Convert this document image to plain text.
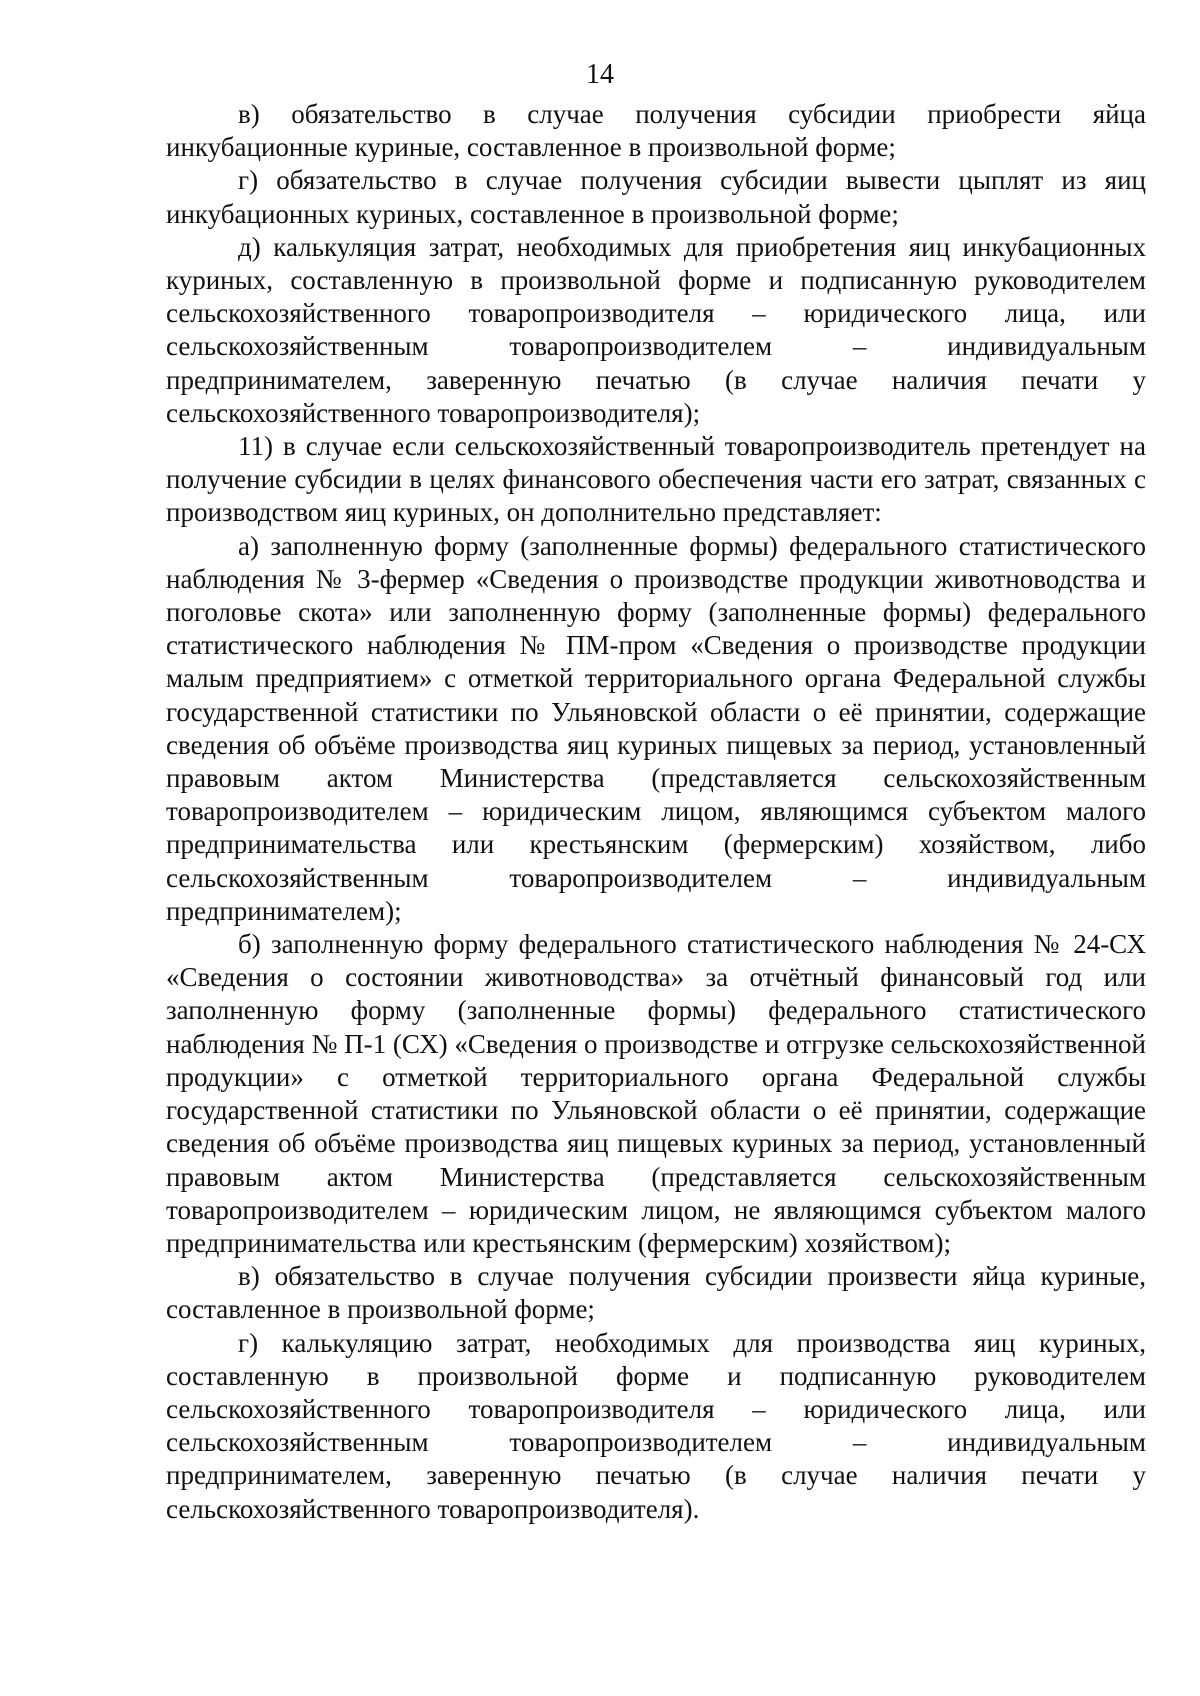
14

в) обязательство в случае получения субсидии приобрести яйца инкубационные куриные, составленное в произвольной форме;

г) обязательство в случае получения субсидии вывести цыплят из яиц инкубационных куриных, составленное в произвольной форме;

д) калькуляция затрат, необходимых для приобретения яиц инкубационных куриных, составленную в произвольной форме и подписанную руководителем сельскохозяйственного товаропроизводителя – юридического лица, или сельскохозяйственным товаропроизводителем – индивидуальным предпринимателем, заверенную печатью (в случае наличия печати у сельскохозяйственного товаропроизводителя);

11) в случае если сельскохозяйственный товаропроизводитель претендует на получение субсидии в целях финансового обеспечения части его затрат, связанных с производством яиц куриных, он дополнительно представляет:

а) заполненную форму (заполненные формы) федерального статистического наблюдения № 3-фермер «Сведения о производстве продукции животноводства и поголовье скота» или заполненную форму (заполненные формы) федерального статистического наблюдения № ПМ-пром «Сведения о производстве продукции малым предприятием» с отметкой территориального органа Федеральной службы государственной статистики по Ульяновской области о её принятии, содержащие сведения об объёме производства яиц куриных пищевых за период, установленный правовым актом Министерства (представляется сельскохозяйственным товаропроизводителем – юридическим лицом, являющимся субъектом малого предпринимательства или крестьянским (фермерским) хозяйством, либо сельскохозяйственным товаропроизводителем – индивидуальным предпринимателем);

б) заполненную форму федерального статистического наблюдения № 24-СХ «Сведения о состоянии животноводства» за отчётный финансовый год или заполненную форму (заполненные формы) федерального статистического наблюдения № П-1 (СХ) «Сведения о производстве и отгрузке сельскохозяйственной продукции» с отметкой территориального органа Федеральной службы государственной статистики по Ульяновской области о её принятии, содержащие сведения об объёме производства яиц пищевых куриных за период, установленный правовым актом Министерства (представляется сельскохозяйственным товаропроизводителем – юридическим лицом, не являющимся субъектом малого предпринимательства или крестьянским (фермерским) хозяйством);

в) обязательство в случае получения субсидии произвести яйца куриные, составленное в произвольной форме;

г) калькуляцию затрат, необходимых для производства яиц куриных, составленную в произвольной форме и подписанную руководителем сельскохозяйственного товаропроизводителя – юридического лица, или сельскохозяйственным товаропроизводителем – индивидуальным предпринимателем, заверенную печатью (в случае наличия печати у сельскохозяйственного товаропроизводителя).
